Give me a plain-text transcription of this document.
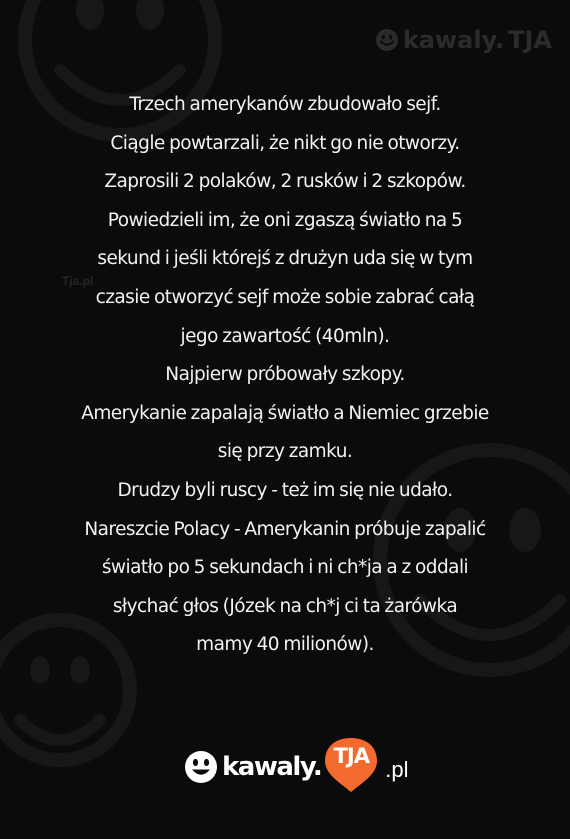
kawaly. TJA
Tja.pl
Trzech amerykanów zbudowało sejf.
Ciągle powtarzali, że nikt go nie otworzy.
Zaprosili 2 polaków, 2 rusków i 2 szkopów.
Powiedzieli im, że oni zgaszą światło na 5
sekund i jeśli którejś z drużyn uda się w tym
czasie otworzyć sejf może sobie zabrać całą
jego zawartość (40mln).
Najpierw próbowały szkopy.
Amerykanie zapalają światło a Niemiec grzebie
się przy zamku.
Drudzy byli ruscy - też im się nie udało.
Nareszcie Polacy - Amerykanin próbuje zapalić
światło po 5 sekundach i ni ch*ja a z oddali
słychać głos (Józek na ch*j ci ta żarówka
mamy 40 milionów).
kawaly. TJA
.pl
